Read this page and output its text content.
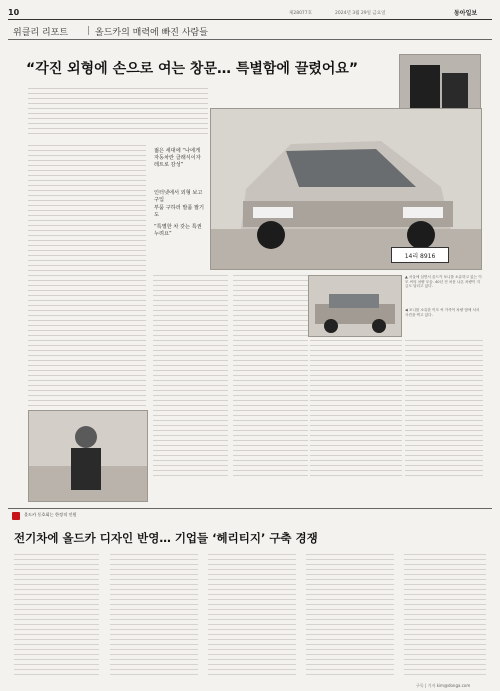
10	제28077호	2024년 3월 29일 금요일	동아일보
위클리 리포트	올드카의 매력에 빠진 사람들
“각진 외형에 손으로 여는 창문… 특별함에 끌렸어요”
14리 8916
젊은 세대에 “나에게 자동차란 클래식이자 레트로 감성”
인터넷에서 외형 보고 구입
부품 구하러 발품 팔기도
“특별한 차 갖는 특권 누려요”
▲ 서울에 살면서 올드카 포니를 소유하고 있는 이모 씨의 차량 모습. 40년 전 처음 나온 차량이 지금도 달리고 있다.
◀ 포니를 소유한 이모 씨 가족이 차량 옆에 서서 사진을 찍고 있다.
올드카 동호회는 한정적 인원
전기차에 올드카 디자인 반영… 기업들 ‘헤리티지’ 구축 경쟁
구독 | 기자 kim@donga.com
